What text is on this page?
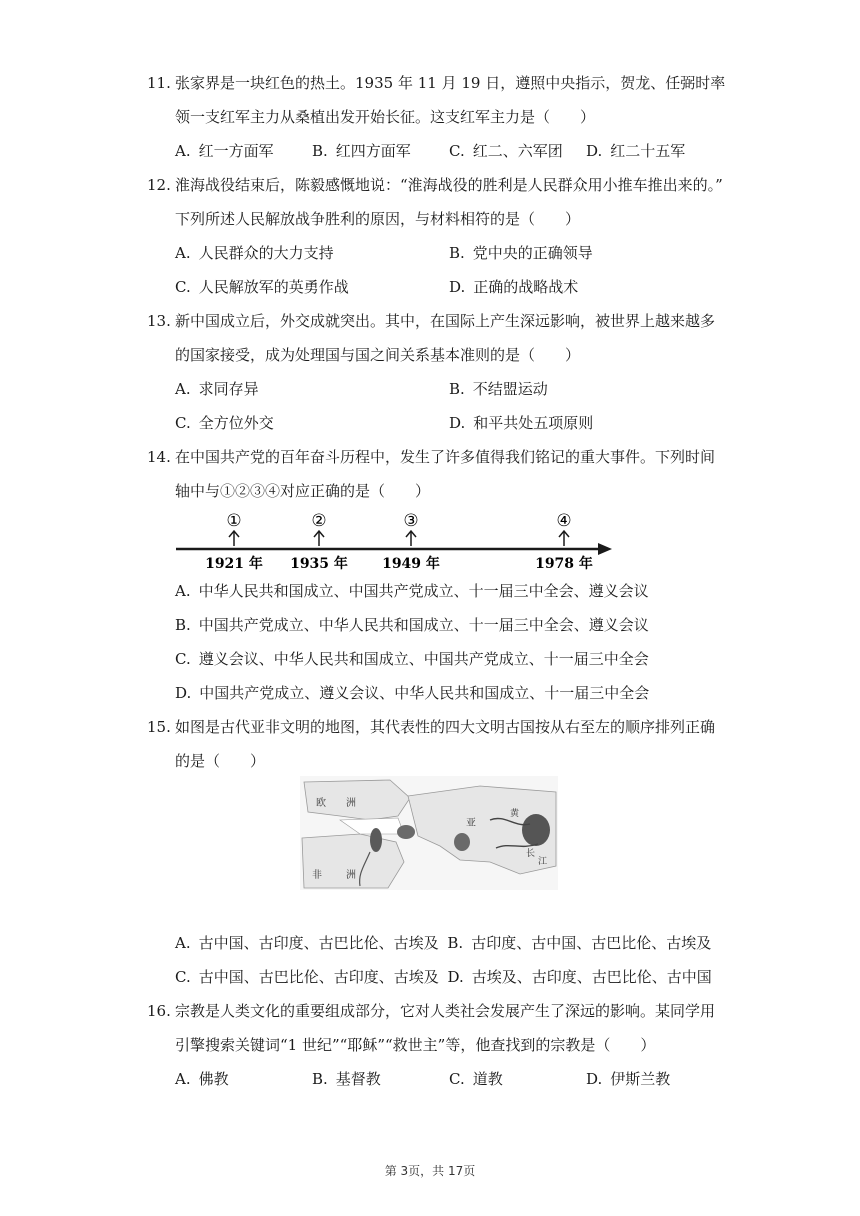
11. 张家界是一块红色的热土。1935 年 11 月 19 日，遵照中央指示，贺龙、任弼时率
领一支红军主力从桑植出发开始长征。这支红军主力是（　　）
A. 红一方面军	B. 红四方面军	C. 红二、六军团	D. 红二十五军
12. 淮海战役结束后，陈毅感慨地说：“淮海战役的胜利是人民群众用小推车推出来的。”
下列所述人民解放战争胜利的原因，与材料相符的是（　　）
A. 人民群众的大力支持	B. 党中央的正确领导
C. 人民解放军的英勇作战	D. 正确的战略战术
13. 新中国成立后，外交成就突出。其中，在国际上产生深远影响，被世界上越来越多
的国家接受，成为处理国与国之间关系基本准则的是（　　）
A. 求同存异	B. 不结盟运动
C. 全方位外交	D. 和平共处五项原则
14. 在中国共产党的百年奋斗历程中，发生了许多值得我们铭记的重大事件。下列时间
轴中与①②③④对应正确的是（　　）
①
1921 年
②
1935 年
③
1949 年
④
1978 年
A. 中华人民共和国成立、中国共产党成立、十一届三中全会、遵义会议
B. 中国共产党成立、中华人民共和国成立、十一届三中全会、遵义会议
C. 遵义会议、中华人民共和国成立、中国共产党成立、十一届三中全会
D. 中国共产党成立、遵义会议、中华人民共和国成立、十一届三中全会
15. 如图是古代亚非文明的地图，其代表性的四大文明古国按从右至左的顺序排列正确
的是（　　）
欧 洲
非 洲
亚
黄
长
江
A. 古中国、古印度、古巴比伦、古埃及 B. 古印度、古中国、古巴比伦、古埃及
C. 古中国、古巴比伦、古印度、古埃及 D. 古埃及、古印度、古巴比伦、古中国
16. 宗教是人类文化的重要组成部分，它对人类社会发展产生了深远的影响。某同学用
引擎搜索关键词“1 世纪”“耶稣”“救世主”等，他查找到的宗教是（　　）
A. 佛教	B. 基督教	C. 道教	D. 伊斯兰教
第 3页，共 17页
